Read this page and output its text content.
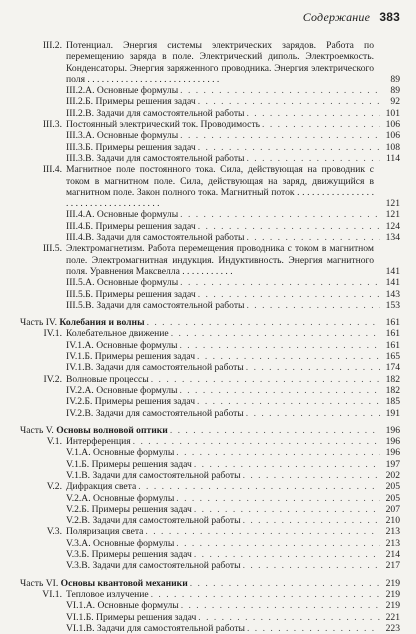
Содержание 383
III.2. Потенциал. Энергия системы электрических зарядов. Работа по перемещению заряда в поле. Электрический диполь. Электроемкость. Конденсаторы. Энергия заряженного проводника. Энергия электрического поля . . . . . . . . . . . . . . . . . . . . . . . . . . . .	89
III.2.А. Основные формулы . . .	89
III.2.Б. Примеры решения задач . . .	92
III.2.В. Задачи для самостоятельной работы . . .	101
III.3. Постоянный электрический ток. Проводимость . . .	106
III.3.А. Основные формулы . . .	106
III.3.Б. Примеры решения задач . . .	108
III.3.В. Задачи для самостоятельной работы . . .	114
III.4. Магнитное поле постоянного тока. Сила, действующая на проводник с током в магнитном поле. Сила, действующая на заряд, движущийся в магнитном поле. Закон полного тока. Магнитный поток . . . . . . . . . . . . . . . . . . . . . . . . . . . . . . . . . . . .	121
III.4.А. Основные формулы . . .	121
III.4.Б. Примеры решения задач . . .	124
III.4.В. Задачи для самостоятельной работы . . .	134
III.5. Электромагнетизм. Работа перемещения проводника с током в магнитном поле. Электромагнитная индукция. Индуктивность. Энергия магнитного поля. Уравнения Максвелла . . . . . . . . . . .	141
III.5.А. Основные формулы . . .	141
III.5.Б. Примеры решения задач . . .	143
III.5.В. Задачи для самостоятельной работы . . .	153
Часть IV. Колебания и волны . . .	161
IV.1. Колебательное движение . . .	161
IV.1.А. Основные формулы . . .	161
IV.1.Б. Примеры решения задач . . .	165
IV.1.В. Задачи для самостоятельной работы . . .	174
IV.2. Волновые процессы . . .	182
IV.2.А. Основные формулы . . .	182
IV.2.Б. Примеры решения задач . . .	185
IV.2.В. Задачи для самостоятельной работы . . .	191
Часть V. Основы волновой оптики . . .	196
V.1. Интерференция . . .	196
V.1.А. Основные формулы . . .	196
V.1.Б. Примеры решения задач . . .	197
V.1.В. Задачи для самостоятельной работы . . .	202
V.2. Дифракция света . . .	205
V.2.А. Основные формулы . . .	205
V.2.Б. Примеры решения задач . . .	207
V.2.В. Задачи для самостоятельной работы . . .	210
V.3. Поляризация света . . .	213
V.3.А. Основные формулы . . .	213
V.3.Б. Примеры решения задач . . .	214
V.3.В. Задачи для самостоятельной работы . . .	217
Часть VI. Основы квантовой механики . . .	219
VI.1. Тепловое излучение . . .	219
VI.1.А. Основные формулы . . .	219
VI.1.Б. Примеры решения задач . . .	221
VI.1.В. Задачи для самостоятельной работы . . .	223
